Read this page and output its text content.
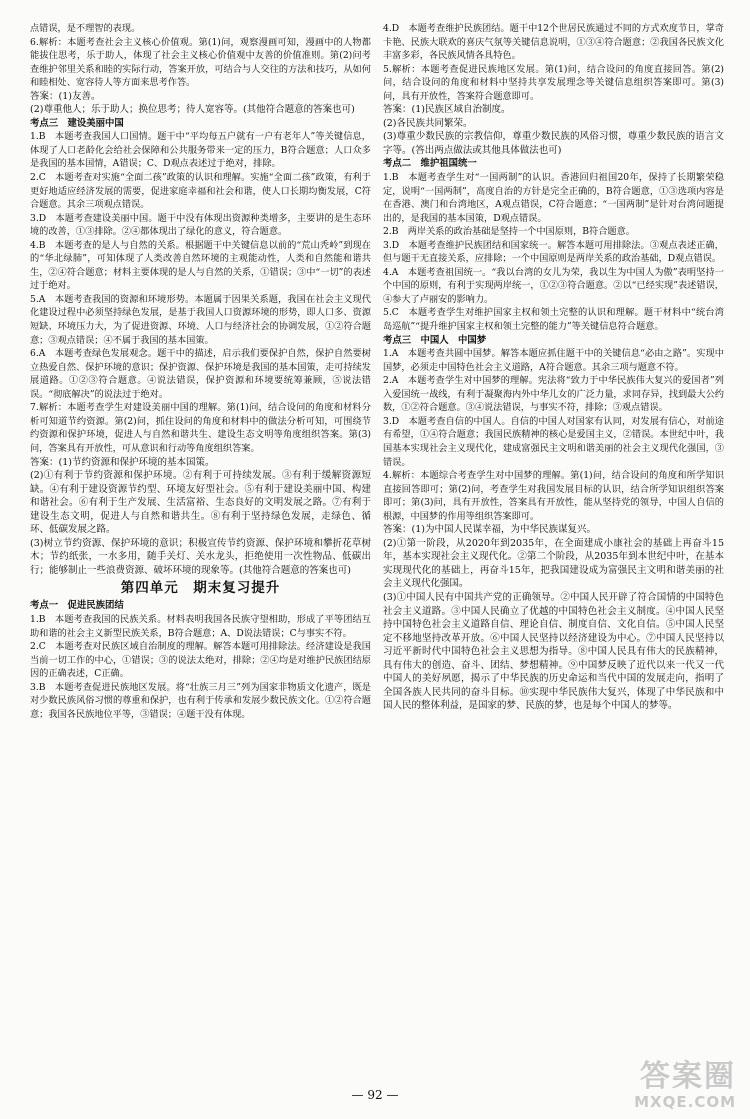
点错误，是不理智的表现。

6.解析：本题考查社会主义核心价值观。第(1)问，观察漫画可知，漫画中的人物都能拔住思考，乐于助人，体现了社会主义核心价值观中友善的价值准则。第(2)问考查维护邻里关系和睦的实际行动，答案开放，可结合与人交往的方法和技巧，从如何和睦相处、宽容待人等方面来思考作答。

答案：(1)友善。

(2)尊重他人；乐于助人；换位思考；待人宽容等。(其他符合题意的答案也可)

考点三　建设美丽中国

1.B　本题考查我国人口国情。题干中“平均每五户就有一户有老年人”等关键信息，体现了人口老龄化会给社会保障和公共服务带来一定的压力，B符合题意；人口众多是我国的基本国情，A错误；C、D观点表述过于绝对，排除。

2.C　本题考查对实施“全面二孩”政策的认识和理解。实施“全面二孩”政策，有利于更好地适应经济发展的需要，促进家庭幸福和社会和谐，使人口长期均衡发展，C符合题意。其余三项观点错误。

3.D　本题考查建设美丽中国。题干中没有体现出资源种类增多，主要讲的是生态环境的改善，①③排除。②④都体现出了绿化的意义，符合题意。

4.B　本题考查的是人与自然的关系。根据题干中关键信息以前的“荒山秃岭”到现在的“华北绿肺”，可知体现了人类改善自然环境的主观能动性，人类和自然能和谐共生，②④符合题意；材料主要体现的是人与自然的关系，①错误；③中“一切”的表述过于绝对。

5.A　本题考查我国的资源和环境形势。本题属于因果关系题，我国在社会主义现代化建设过程中必须坚持绿色发展，是基于我国人口资源环境的形势，即人口多、资源短缺、环境压力大，为了促进资源、环境、人口与经济社会的协调发展，①②符合题意；③观点错误；④不属于我国的基本国策。

6.A　本题考查绿色发展观念。题干中的描述，启示我们要保护自然，保护自然要树立热爱自然、保护环境的意识；保护资源、保护环境是我国的基本国策，走可持续发展道路。①②③符合题意。④说法错误，保护资源和环境要统筹兼顾，⑤说法错误。“彻底解决”的说法过于绝对。

7.解析：本题考查学生对建设美丽中国的理解。第(1)问，结合设问的角度和材料分析可知道节约资源。第(2)问，抓住设问的角度和材料中的做法分析可知，可围绕节约资源和保护环境，促进人与自然和谐共生、建设生态文明等角度组织答案。第(3)问，答案具有开放性，可从意识和行动等角度组织答案。

答案：(1)节约资源和保护环境的基本国策。

(2)①有利于节约资源和保护环境。②有利于可持续发展。③有利于缓解资源短缺。④有利于建设资源节约型、环境友好型社会。⑤有利于建设美丽中国、构建和谐社会。⑥有利于生产发展、生活富裕、生态良好的文明发展之路。⑦有利于建设生态文明，促进人与自然和谐共生。⑧有利于坚持绿色发展，走绿色、循环、低碳发展之路。

(3)树立节约资源、保护环境的意识；积极宣传节约资源、保护环境和攀折花草树木；节约纸张，一水多用，随手关灯、关水龙头，拒绝使用一次性物品、低碳出行；能够制止一些浪费资源、破坏环境的现象等。(其他符合题意的答案也可)

第四单元　期末复习提升

考点一　促进民族团结

1.B　本题考查我国的民族关系。材料表明我国各民族守望相助，形成了平等团结互助和谐的社会主义新型民族关系，B符合题意；A、D说法错误；C与事实不符。

2.C　本题考查对民族区域自治制度的理解。解答本题可用排除法。经济建设是我国当前一切工作的中心，①错误；③的说法太绝对，排除；②④均是对维护民族团结原因的正确表述，C正确。

3.B　本题考查促进民族地区发展。将“壮族三月三”列为国家非物质文化遗产，既是对少数民族风俗习惯的尊重和保护，也有利于传承和发展少数民族文化。①②符合题意；我国各民族地位平等，③错误；④题干没有体现。

4.D　本题考查维护民族团结。题干中12个世居民族通过不同的方式欢度节日，掌奇卡艳、民族大联欢的喜庆气氛等关键信息说明，①③④符合题意；②我国各民族文化丰富多彩，各民族风情各具特色。

5.解析：本题考查促进民族地区发展。第(1)问，结合设问的角度直接回答。第(2)问，结合设问的角度和材料中坚持共享发展理念等关键信息组织答案即可。第(3)问，具有开放性，答案符合题意即可。

答案：(1)民族区域自治制度。

(2)各民族共同繁荣。

(3)尊重少数民族的宗教信仰，尊重少数民族的风俗习惯，尊重少数民族的语言文字等。(答出两点做法或其他具体做法也可)

考点二　维护祖国统一

1.B　本题考查学生对“一国两制”的认识。香港回归祖国20年，保持了长期繁荣稳定，说明“一国两制”，高度自治的方针是完全正确的，B符合题意，①③选项内容是在香港、澳门和台湾地区，A观点错误，C符合题意；“一国两制”是针对台湾问题提出的，是我国的基本国策，D观点错误。

2.B　两岸关系的政治基础是坚持一个中国原则，B符合题意。

3.D　本题考查维护民族团结和国家统一。解答本题可用排除法。③观点表述正确，但与题干无直接关系，应排除；一个中国原则是两岸关系的政治基础，D观点错误。

4.A　本题考查祖国统一。“我以台湾的女儿为荣，我以生为中国人为傲”表明坚持一个中国的原则，有利于实现两岸统一，①②③符合题意。②以“已经实现”表述错误，④参大了卢丽安的影响力。

5.C　本题考查学生对维护国家主权和领土完整的认识和理解。题干材料中“统台湾岛巡航”“提升维护国家主权和领土完整的能力”等关键信息符合题意。

考点三　中国人　中国梦

1.A　本题考查共圆中国梦。解答本题应抓住题干中的关键信息“必由之路”。实现中国梦，必须走中国特色社会主义道路，A符合题意。其余三项与题意不符。

2.A　本题考查学生对中国梦的理解。宪法将“致力于中华民族伟大复兴的爱国者”列入爱国统一战线，有利于凝聚海内外中华儿女的广泛力量，求同存异，找到最大公约数，①②符合题意。③④说法错误，与事实不符，排除；③观点错误。

3.D　本题考查自信的中国人。自信的中国人对国家有认同，对发展有信心，对前途有希望，①④符合题意；我国民族精神的核心是爱国主义，②错误。本世纪中叶，我国基本实现社会主义现代化，建成富强民主文明和谐美丽的社会主义现代化强国，③错误。

4.解析：本题综合考查学生对中国梦的理解。第(1)问，结合设问的角度和所学知识直接回答即可；第(2)问，考查学生对我国发展目标的认识，结合所学知识组织答案即可；第(3)问，具有开放性，答案具有开放性，能从坚持党的领导，中国人自信的根源，中国梦的作用等组织答案即可。

答案：(1)为中国人民谋幸福，为中华民族谋复兴。

(2)①第一阶段，从2020年到2035年，在全面建成小康社会的基础上再奋斗15年，基本实现社会主义现代化。②第二个阶段，从2035年到本世纪中叶，在基本实现现代化的基础上，再奋斗15年，把我国建设成为富强民主文明和谐美丽的社会主义现代化强国。

(3)①中国人民有中国共产党的正确领导。②中国人民开辟了符合国情的中国特色社会主义道路。③中国人民确立了优越的中国特色社会主义制度。④中国人民坚持中国特色社会主义道路自信、理论自信、制度自信、文化自信。⑤中国人民坚定不移地坚持改革开放。⑥中国人民坚持以经济建设为中心。⑦中国人民坚持以习近平新时代中国特色社会主义思想为指导。⑧中国人民具有伟大的民族精神，具有伟大的创造、奋斗、团结、梦想精神。⑨中国梦反映了近代以来一代又一代中国人的美好夙愿，揭示了中华民族的历史命运和当代中国的发展走向，指明了全国各族人民共同的奋斗目标。⑩实现中华民族伟大复兴，体现了中华民族和中国人民的整体利益，是国家的梦、民族的梦，也是每个中国人的梦等。

— 92 —
答案圈
MXQE.COM
